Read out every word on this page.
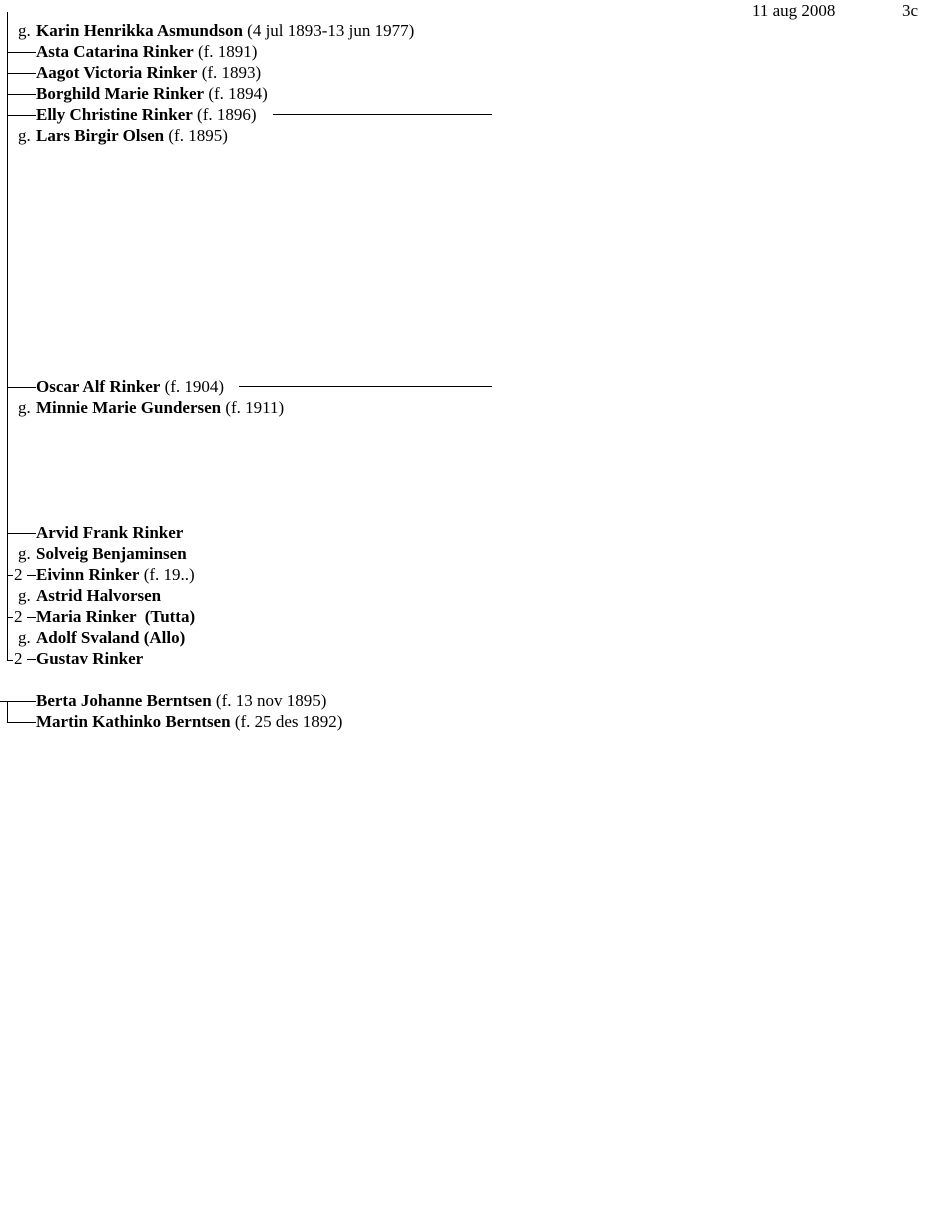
11 aug 2008	3c
g. Karin Henrikka Asmundson (4 jul 1893-13 jun 1977)
Asta Catarina Rinker (f. 1891)
Aagot Victoria Rinker (f. 1893)
Borghild Marie Rinker (f. 1894)
Elly Christine Rinker (f. 1896)
g. Lars Birgir Olsen (f. 1895)
Oscar Alf Rinker (f. 1904)
g. Minnie Marie Gundersen (f. 1911)
Arvid Frank Rinker
g. Solveig Benjaminsen
2 Eivinn Rinker (f. 19..)
g. Astrid Halvorsen
2 Maria Rinker  (Tutta)
g. Adolf Svaland (Allo)
2 Gustav Rinker
Berta Johanne Berntsen (f. 13 nov 1895)
Martin Kathinko Berntsen (f. 25 des 1892)
